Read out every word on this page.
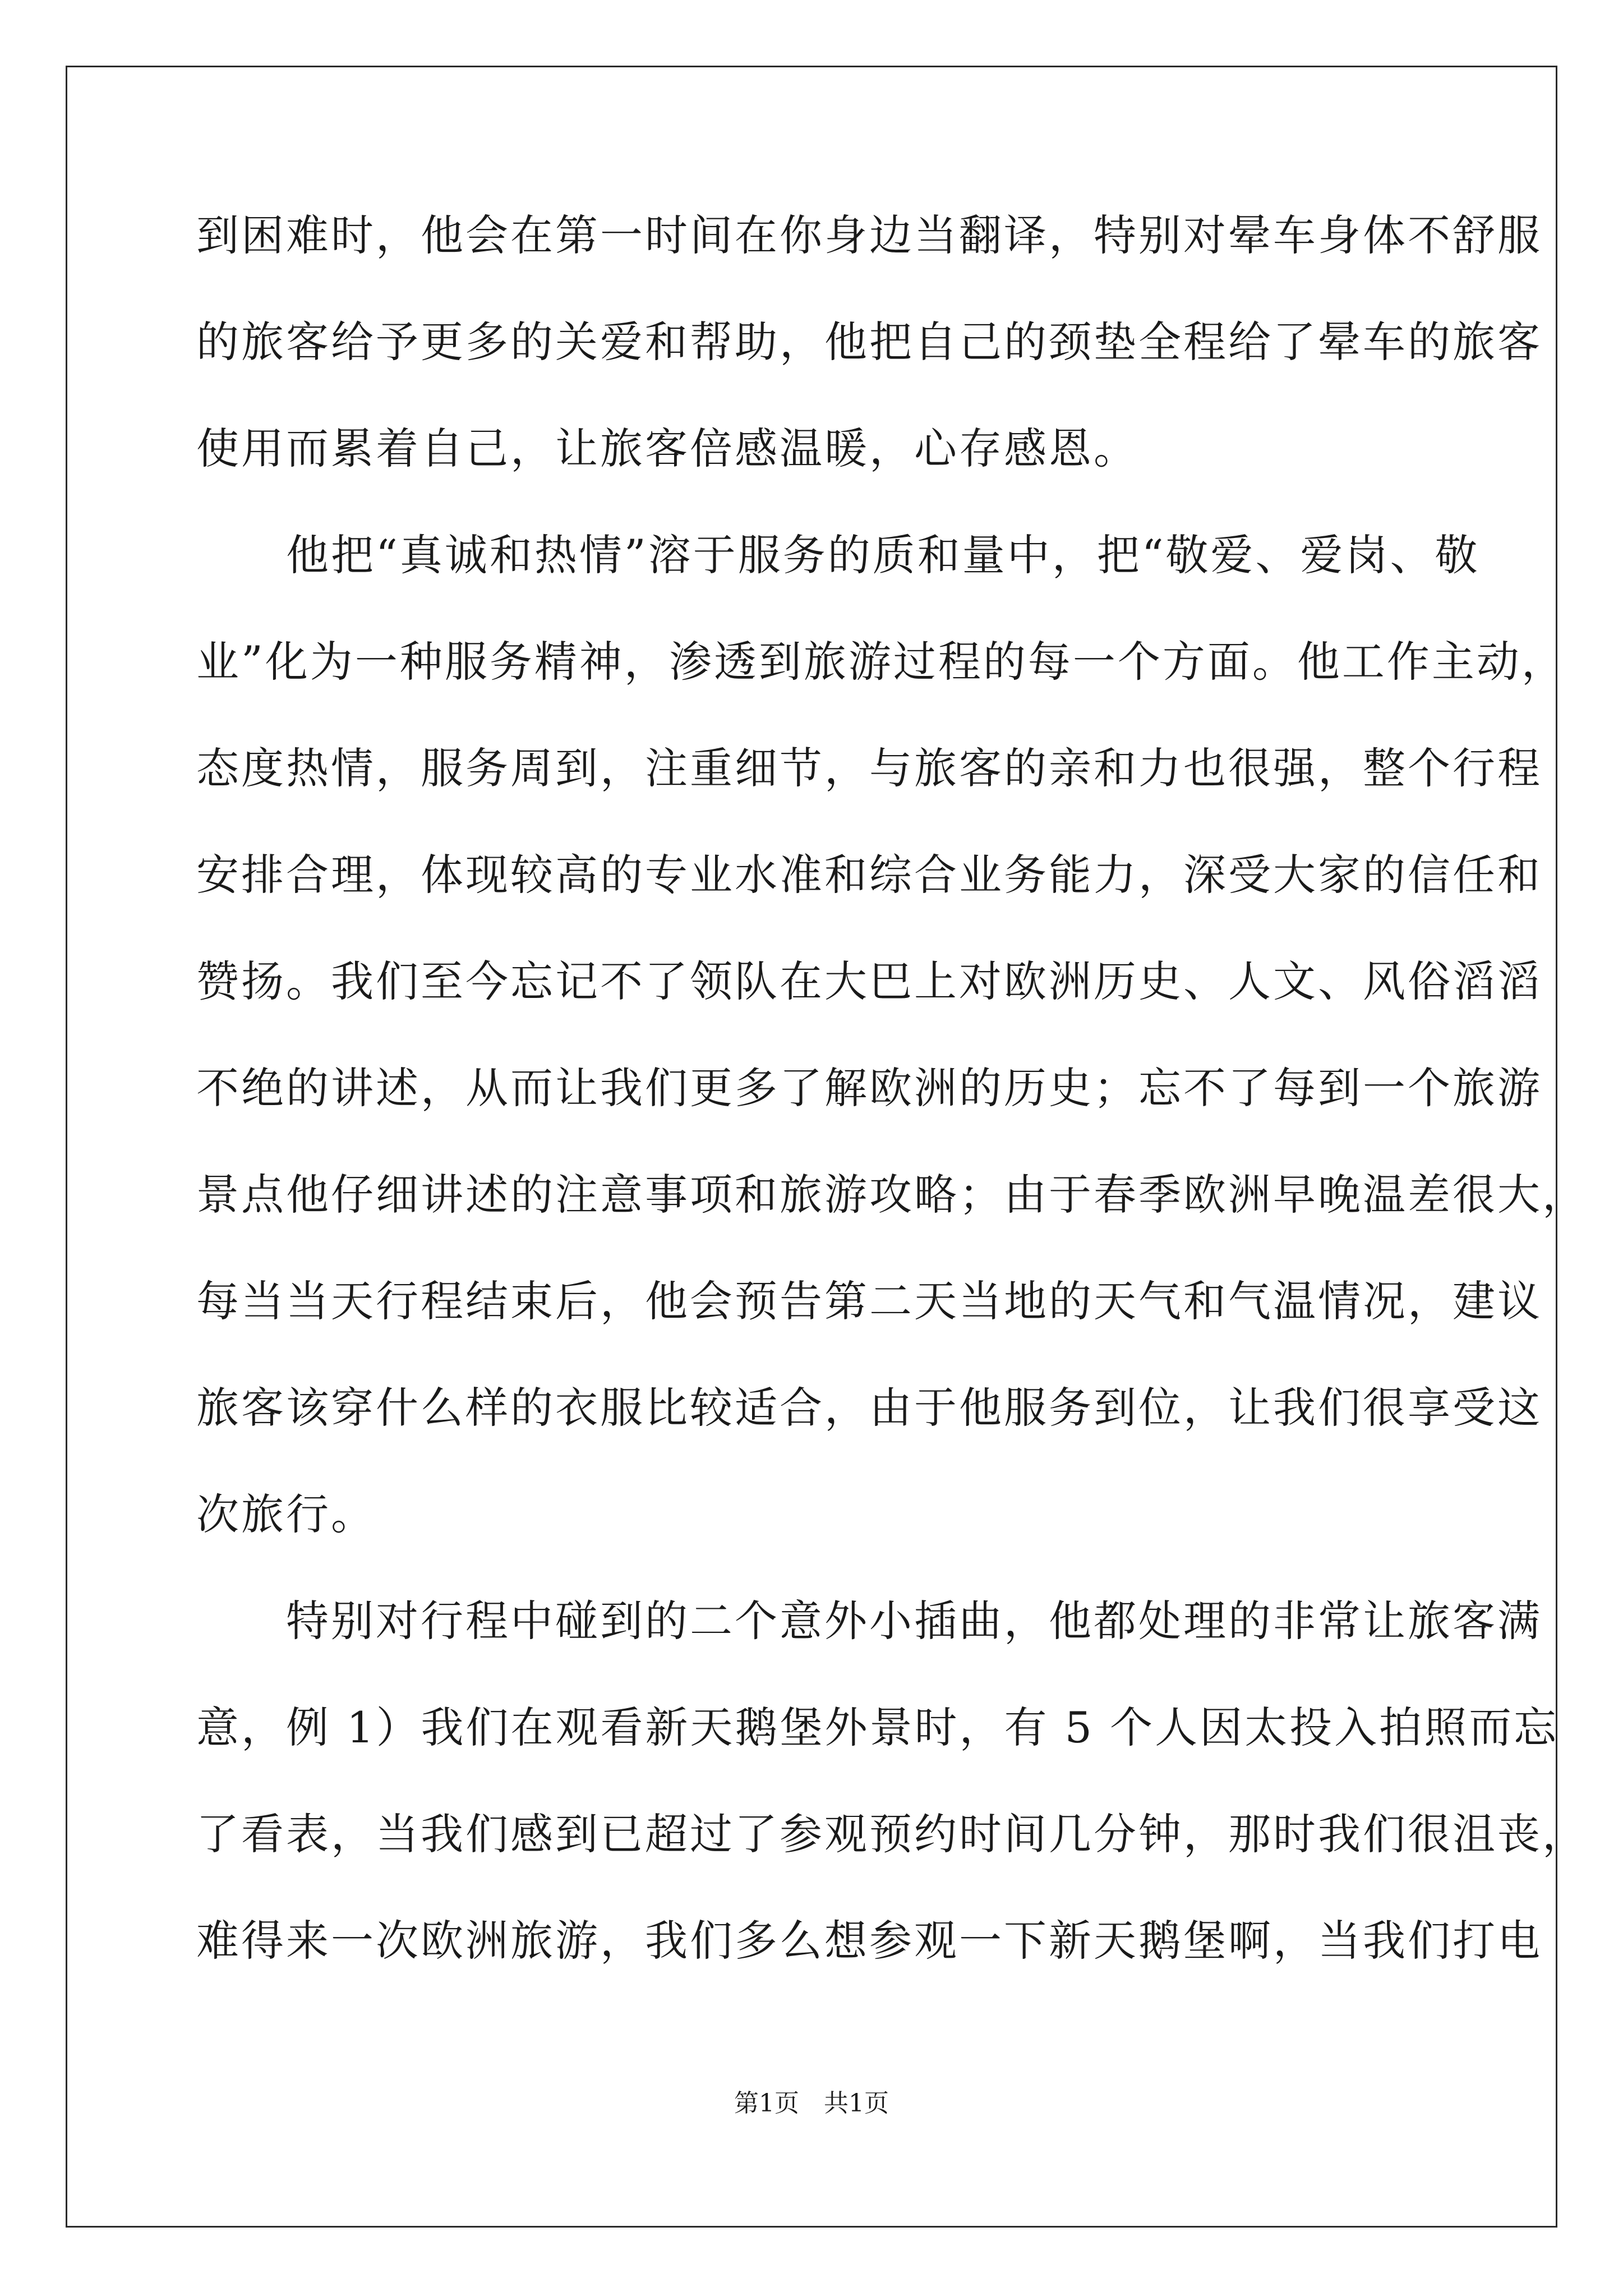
到困难时，他会在第一时间在你身边当翻译，特别对晕车身体不舒服
的旅客给予更多的关爱和帮助，他把自己的颈垫全程给了晕车的旅客
使用而累着自己，让旅客倍感温暖，心存感恩。
　　他把“真诚和热情”溶于服务的质和量中，把“敬爱、爱岗、敬
业”化为一种服务精神，渗透到旅游过程的每一个方面。他工作主动，
态度热情，服务周到，注重细节，与旅客的亲和力也很强，整个行程
安排合理，体现较高的专业水准和综合业务能力，深受大家的信任和
赞扬。我们至今忘记不了领队在大巴上对欧洲历史、人文、风俗滔滔
不绝的讲述，从而让我们更多了解欧洲的历史；忘不了每到一个旅游
景点他仔细讲述的注意事项和旅游攻略；由于春季欧洲早晚温差很大，
每当当天行程结束后，他会预告第二天当地的天气和气温情况，建议
旅客该穿什么样的衣服比较适合，由于他服务到位，让我们很享受这
次旅行。
　　特别对行程中碰到的二个意外小插曲，他都处理的非常让旅客满
意，例 1）我们在观看新天鹅堡外景时，有 5 个人因太投入拍照而忘
了看表，当我们感到已超过了参观预约时间几分钟，那时我们很沮丧，
难得来一次欧洲旅游，我们多么想参观一下新天鹅堡啊，当我们打电
第1页　共1页
